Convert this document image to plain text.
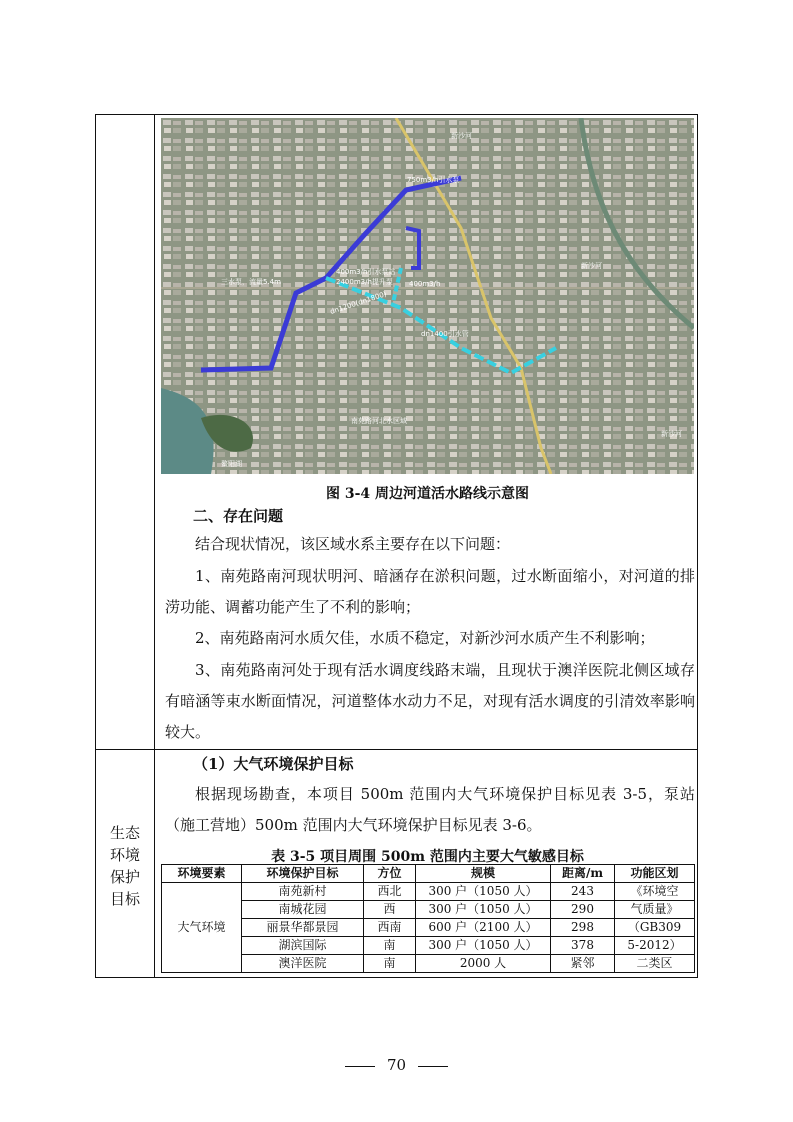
750m3/h引水泵
新沙河
新沙河
新沙河
400m3/h引水泵站
2400m3/h提升泵 400m3/h
三水泵，流量5.4m
dn1200(dn1800)
dn1400引水管
南苑路河北水区域
鳌阳湖
图 3-4 周边河道活水路线示意图
二、存在问题

结合现状情况，该区域水系主要存在以下问题：

1、南苑路南河现状明河、暗涵存在淤积问题，过水断面缩小，对河道的排涝功能、调蓄功能产生了不利的影响；

2、南苑路南河水质欠佳，水质不稳定，对新沙河水质产生不利影响；

3、南苑路南河处于现有活水调度线路末端，且现状于澳洋医院北侧区域存有暗涵等束水断面情况，河道整体水动力不足，对现有活水调度的引清效率影响较大。

生态
环境
保护
目标
（1）大气环境保护目标

根据现场勘查，本项目 500m 范围内大气环境保护目标见表 3-5，泵站（施工营地）500m 范围内大气环境保护目标见表 3-6。

表 3-5 项目周围 500m 范围内主要大气敏感目标
环境要素	环境保护目标	方位	规模	距离/m	功能区划
大气环境	南苑新村	西北	300 户（1050 人）	243	《环境空
	南城花园	西	300 户（1050 人）	290	气质量》
	丽景华都景园	西南	600 户（2100 人）	298	（GB309
	湖滨国际	南	300 户（1050 人）	378	5-2012）
	澳洋医院	南	2000 人	紧邻	二类区
70
